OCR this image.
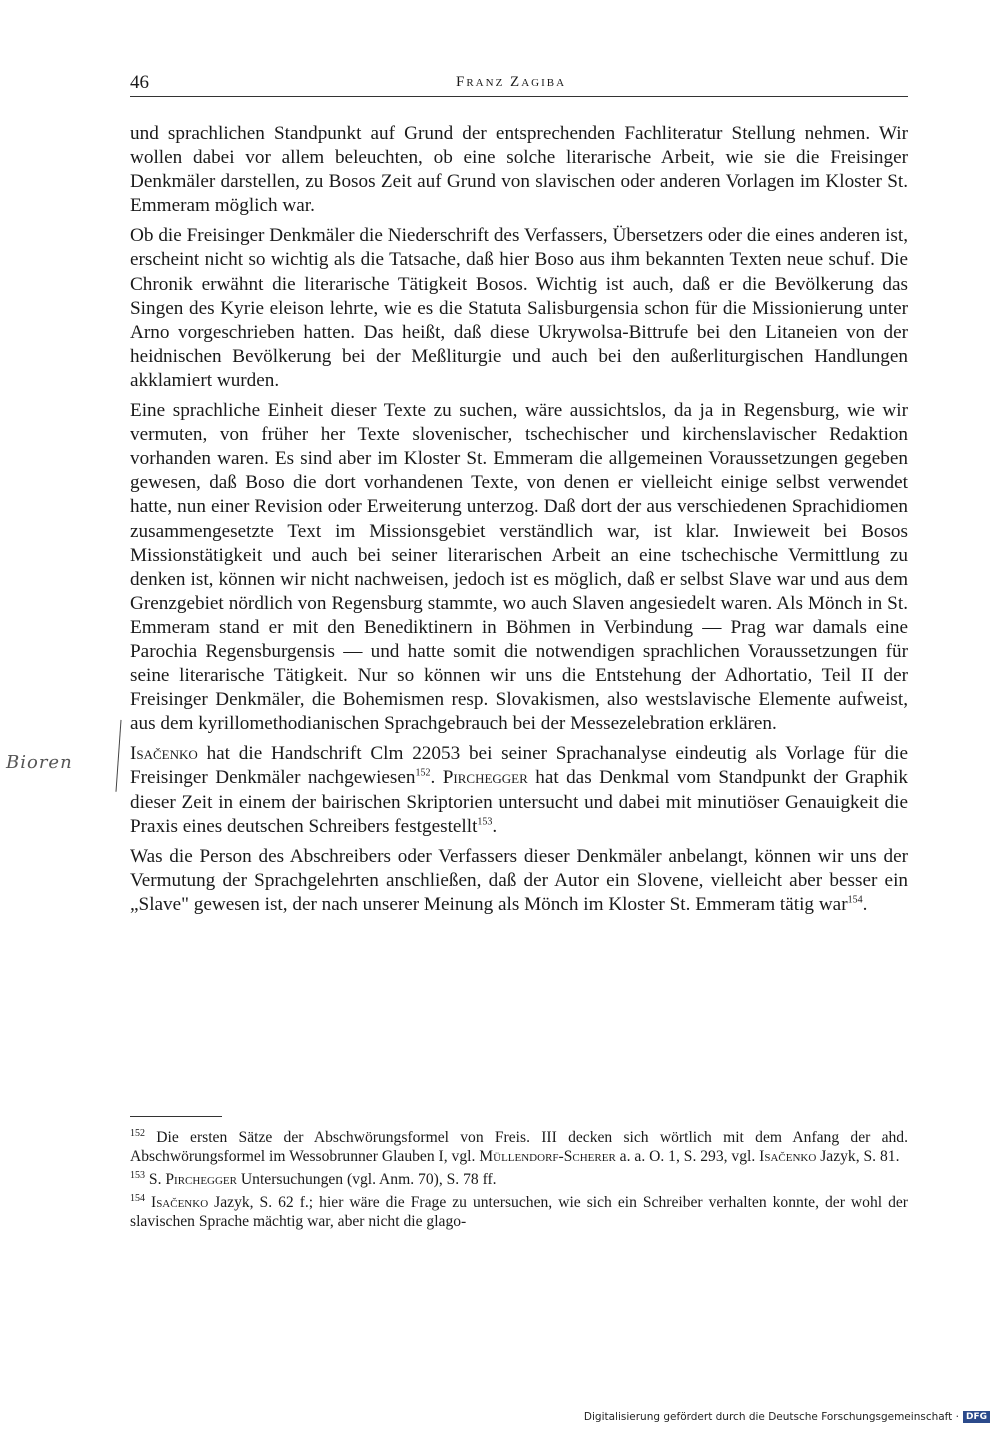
46	Franz Zagiba
Bioren

und sprachlichen Standpunkt auf Grund der entsprechenden Fachliteratur Stellung nehmen. Wir wollen dabei vor allem beleuchten, ob eine solche literarische Arbeit, wie sie die Freisinger Denkmäler darstellen, zu Bosos Zeit auf Grund von slavischen oder anderen Vorlagen im Kloster St. Emmeram möglich war.

Ob die Freisinger Denkmäler die Niederschrift des Verfassers, Übersetzers oder die eines anderen ist, erscheint nicht so wichtig als die Tatsache, daß hier Boso aus ihm bekannten Texten neue schuf. Die Chronik erwähnt die literarische Tätigkeit Bosos. Wichtig ist auch, daß er die Bevölkerung das Singen des Kyrie eleison lehrte, wie es die Statuta Salisburgensia schon für die Missionierung unter Arno vorgeschrieben hatten. Das heißt, daß diese Ukrywolsa-Bittrufe bei den Litaneien von der heidnischen Bevölkerung bei der Meßliturgie und auch bei den außerliturgischen Handlungen akklamiert wurden.

Eine sprachliche Einheit dieser Texte zu suchen, wäre aussichtslos, da ja in Regensburg, wie wir vermuten, von früher her Texte slovenischer, tschechischer und kirchenslavischer Redaktion vorhanden waren. Es sind aber im Kloster St. Emmeram die allgemeinen Voraussetzungen gegeben gewesen, daß Boso die dort vorhandenen Texte, von denen er vielleicht einige selbst verwendet hatte, nun einer Revision oder Erweiterung unterzog. Daß dort der aus verschiedenen Sprachidiomen zusammengesetzte Text im Missionsgebiet verständlich war, ist klar. Inwieweit bei Bosos Missionstätigkeit und auch bei seiner literarischen Arbeit an eine tschechische Vermittlung zu denken ist, können wir nicht nachweisen, jedoch ist es möglich, daß er selbst Slave war und aus dem Grenzgebiet nördlich von Regensburg stammte, wo auch Slaven angesiedelt waren. Als Mönch in St. Emmeram stand er mit den Benediktinern in Böhmen in Verbindung — Prag war damals eine Parochia Regensburgensis — und hatte somit die notwendigen sprachlichen Voraussetzungen für seine literarische Tätigkeit. Nur so können wir uns die Entstehung der Adhortatio, Teil II der Freisinger Denkmäler, die Bohemismen resp. Slovakismen, also westslavische Elemente aufweist, aus dem kyrillomethodianischen Sprachgebrauch bei der Messezelebration erklären.

Isačenko hat die Handschrift Clm 22053 bei seiner Sprachanalyse eindeutig als Vorlage für die Freisinger Denkmäler nachgewiesen$^{152}$. Pirchegger hat das Denkmal vom Standpunkt der Graphik dieser Zeit in einem der bairischen Skriptorien untersucht und dabei mit minutiöser Genauigkeit die Praxis eines deutschen Schreibers festgestellt$^{153}$.

Was die Person des Abschreibers oder Verfassers dieser Denkmäler anbelangt, können wir uns der Vermutung der Sprachgelehrten anschließen, daß der Autor ein Slovene, vielleicht aber besser ein „Slave" gewesen ist, der nach unserer Meinung als Mönch im Kloster St. Emmeram tätig war$^{154}$.

$^{152}$ Die ersten Sätze der Abschwörungsformel von Freis. III decken sich wörtlich mit dem Anfang der ahd. Abschwörungsformel im Wessobrunner Glauben I, vgl. Müllendorf-Scherer a. a. O. 1, S. 293, vgl. Isačenko Jazyk, S. 81.

$^{153}$ S. Pirchegger Untersuchungen (vgl. Anm. 70), S. 78 ff.

$^{154}$ Isačenko Jazyk, S. 62 f.; hier wäre die Frage zu untersuchen, wie sich ein Schreiber verhalten konnte, der wohl der slavischen Sprache mächtig war, aber nicht die glago-

Digitalisierung gefördert durch die Deutsche Forschungsgemeinschaft · DFG
